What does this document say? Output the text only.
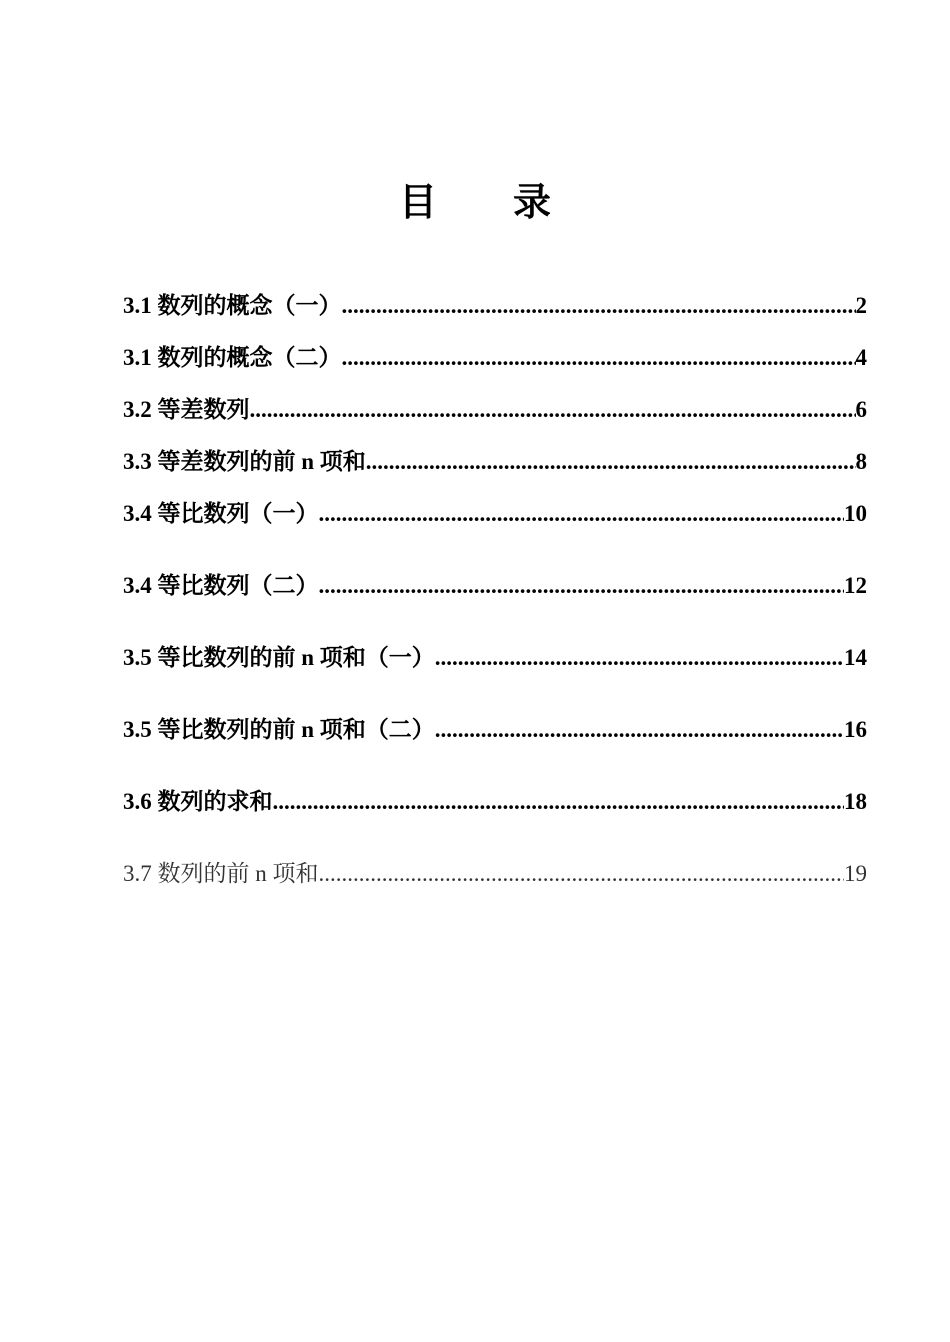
目　　录
3.1 数列的概念（一） .....	2
3.1 数列的概念（二） .....	4
3.2 等差数列 .....	6
3.3 等差数列的前 n 项和 .....	8
3.4 等比数列（一） .....	10
3.4 等比数列（二） .....	12
3.5 等比数列的前 n 项和（一） .....	14
3.5 等比数列的前 n 项和（二） .....	16
3.6 数列的求和 .....	18
3.7 数列的前 n 项和 .....	19
